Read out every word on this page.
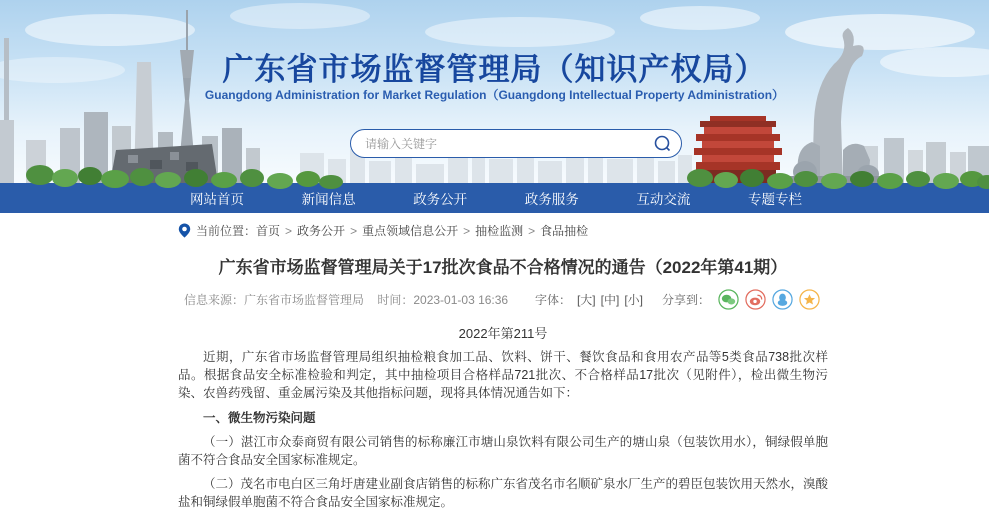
广东省市场监督管理局（知识产权局）
Guangdong Administration for Market Regulation（Guangdong Intellectual Property Administration）
请输入关键字
网站首页	新闻信息	政务公开	政务服务	互动交流	专题专栏
当前位置： 首页 > 政务公开 > 重点领域信息公开 > 抽检监测 > 食品抽检
广东省市场监督管理局关于17批次食品不合格情况的通告（2022年第41期）
信息来源：广东省市场监督管理局 时间：2023-01-03 16:36	字体： [大] [中] [小] 分享到：
2022年第211号

近期，广东省市场监督管理局组织抽检粮食加工品、饮料、饼干、餐饮食品和食用农产品等5类食品738批次样品。根据食品安全标准检验和判定，其中抽检项目合格样品721批次、不合格样品17批次（见附件），检出微生物污染、农兽药残留、重金属污染及其他指标问题，现将具体情况通告如下：

一、微生物污染问题

（一）湛江市众泰商贸有限公司销售的标称廉江市塘山泉饮料有限公司生产的塘山泉（包装饮用水），铜绿假单胞菌不符合食品安全国家标准规定。

（二）茂名市电白区三角圩唐建业副食店销售的标称广东省茂名市名顺矿泉水厂生产的碧臣包装饮用天然水，溴酸盐和铜绿假单胞菌不符合食品安全国家标准规定。
